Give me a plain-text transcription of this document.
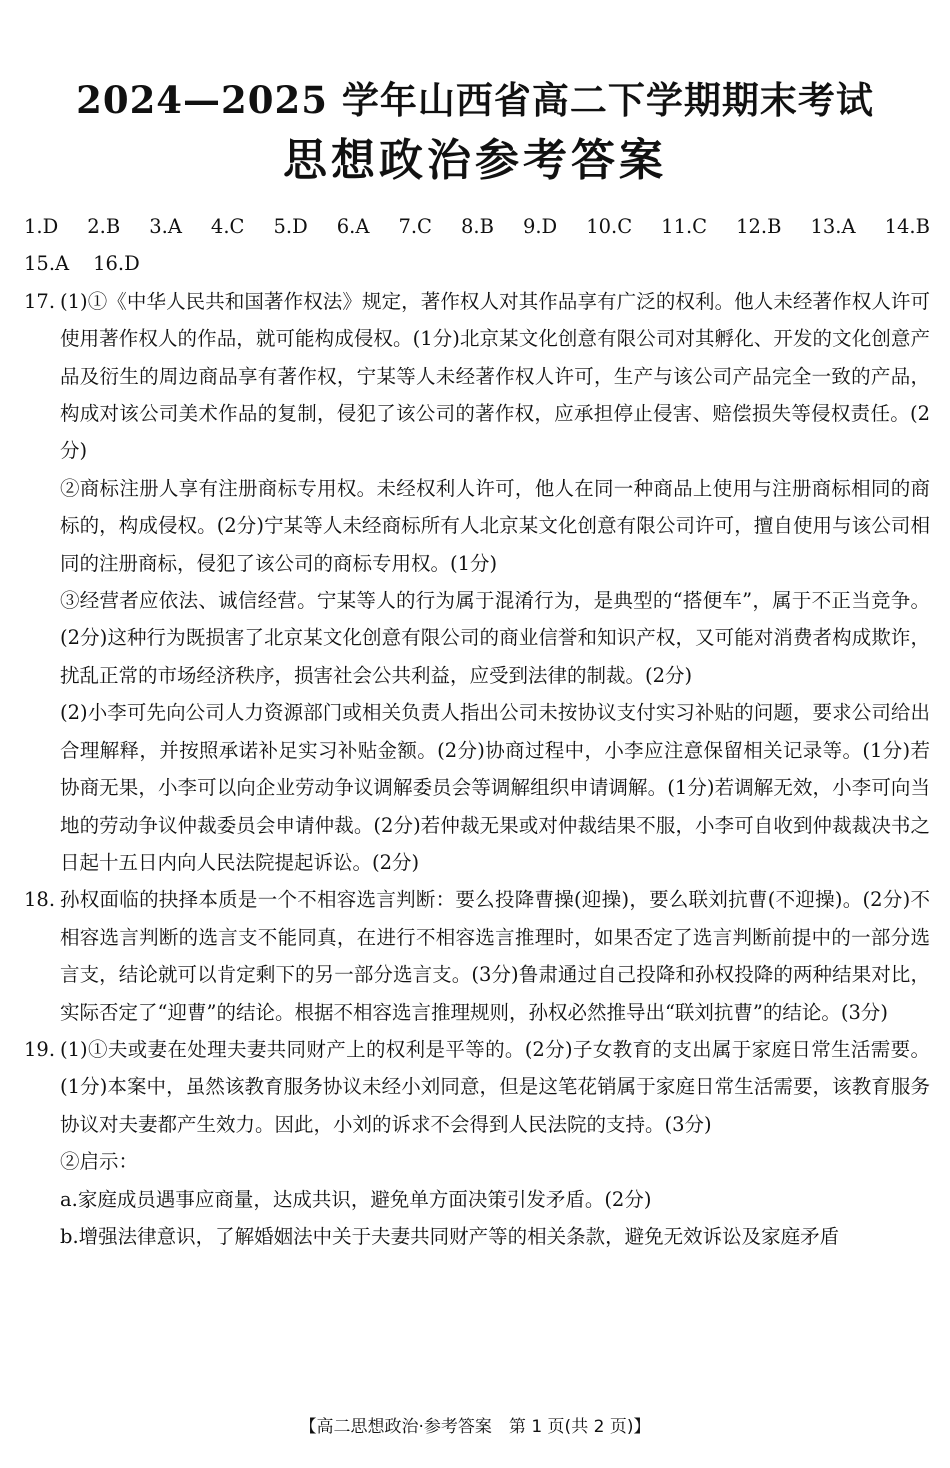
2024—2025 学年山西省高二下学期期末考试
思想政治参考答案
1.D 2.B 3.A 4.C 5.D 6.A 7.C 8.B 9.D 10.C 11.C 12.B 13.A 14.B
15.A 16.D
17. (1)①《中华人民共和国著作权法》规定，著作权人对其作品享有广泛的权利。他人未经著作权人许可使用著作权人的作品，就可能构成侵权。(1分)北京某文化创意有限公司对其孵化、开发的文化创意产品及衍生的周边商品享有著作权，宁某等人未经著作权人许可，生产与该公司产品完全一致的产品，构成对该公司美术作品的复制，侵犯了该公司的著作权，应承担停止侵害、赔偿损失等侵权责任。(2分)
②商标注册人享有注册商标专用权。未经权利人许可，他人在同一种商品上使用与注册商标相同的商标的，构成侵权。(2分)宁某等人未经商标所有人北京某文化创意有限公司许可，擅自使用与该公司相同的注册商标，侵犯了该公司的商标专用权。(1分)
③经营者应依法、诚信经营。宁某等人的行为属于混淆行为，是典型的“搭便车”，属于不正当竞争。(2分)这种行为既损害了北京某文化创意有限公司的商业信誉和知识产权，又可能对消费者构成欺诈，扰乱正常的市场经济秩序，损害社会公共利益，应受到法律的制裁。(2分)
(2)小李可先向公司人力资源部门或相关负责人指出公司未按协议支付实习补贴的问题，要求公司给出合理解释，并按照承诺补足实习补贴金额。(2分)协商过程中，小李应注意保留相关记录等。(1分)若协商无果，小李可以向企业劳动争议调解委员会等调解组织申请调解。(1分)若调解无效，小李可向当地的劳动争议仲裁委员会申请仲裁。(2分)若仲裁无果或对仲裁结果不服，小李可自收到仲裁裁决书之日起十五日内向人民法院提起诉讼。(2分)
18. 孙权面临的抉择本质是一个不相容选言判断：要么投降曹操(迎操)，要么联刘抗曹(不迎操)。(2分)不相容选言判断的选言支不能同真，在进行不相容选言推理时，如果否定了选言判断前提中的一部分选言支，结论就可以肯定剩下的另一部分选言支。(3分)鲁肃通过自己投降和孙权投降的两种结果对比，实际否定了“迎曹”的结论。根据不相容选言推理规则，孙权必然推导出“联刘抗曹”的结论。(3分)
19. (1)①夫或妻在处理夫妻共同财产上的权利是平等的。(2分)子女教育的支出属于家庭日常生活需要。(1分)本案中，虽然该教育服务协议未经小刘同意，但是这笔花销属于家庭日常生活需要，该教育服务协议对夫妻都产生效力。因此，小刘的诉求不会得到人民法院的支持。(3分)
②启示：
a.家庭成员遇事应商量，达成共识，避免单方面决策引发矛盾。(2分)
b.增强法律意识，了解婚姻法中关于夫妻共同财产等的相关条款，避免无效诉讼及家庭矛盾
【高二思想政治·参考答案　第 1 页(共 2 页)】
